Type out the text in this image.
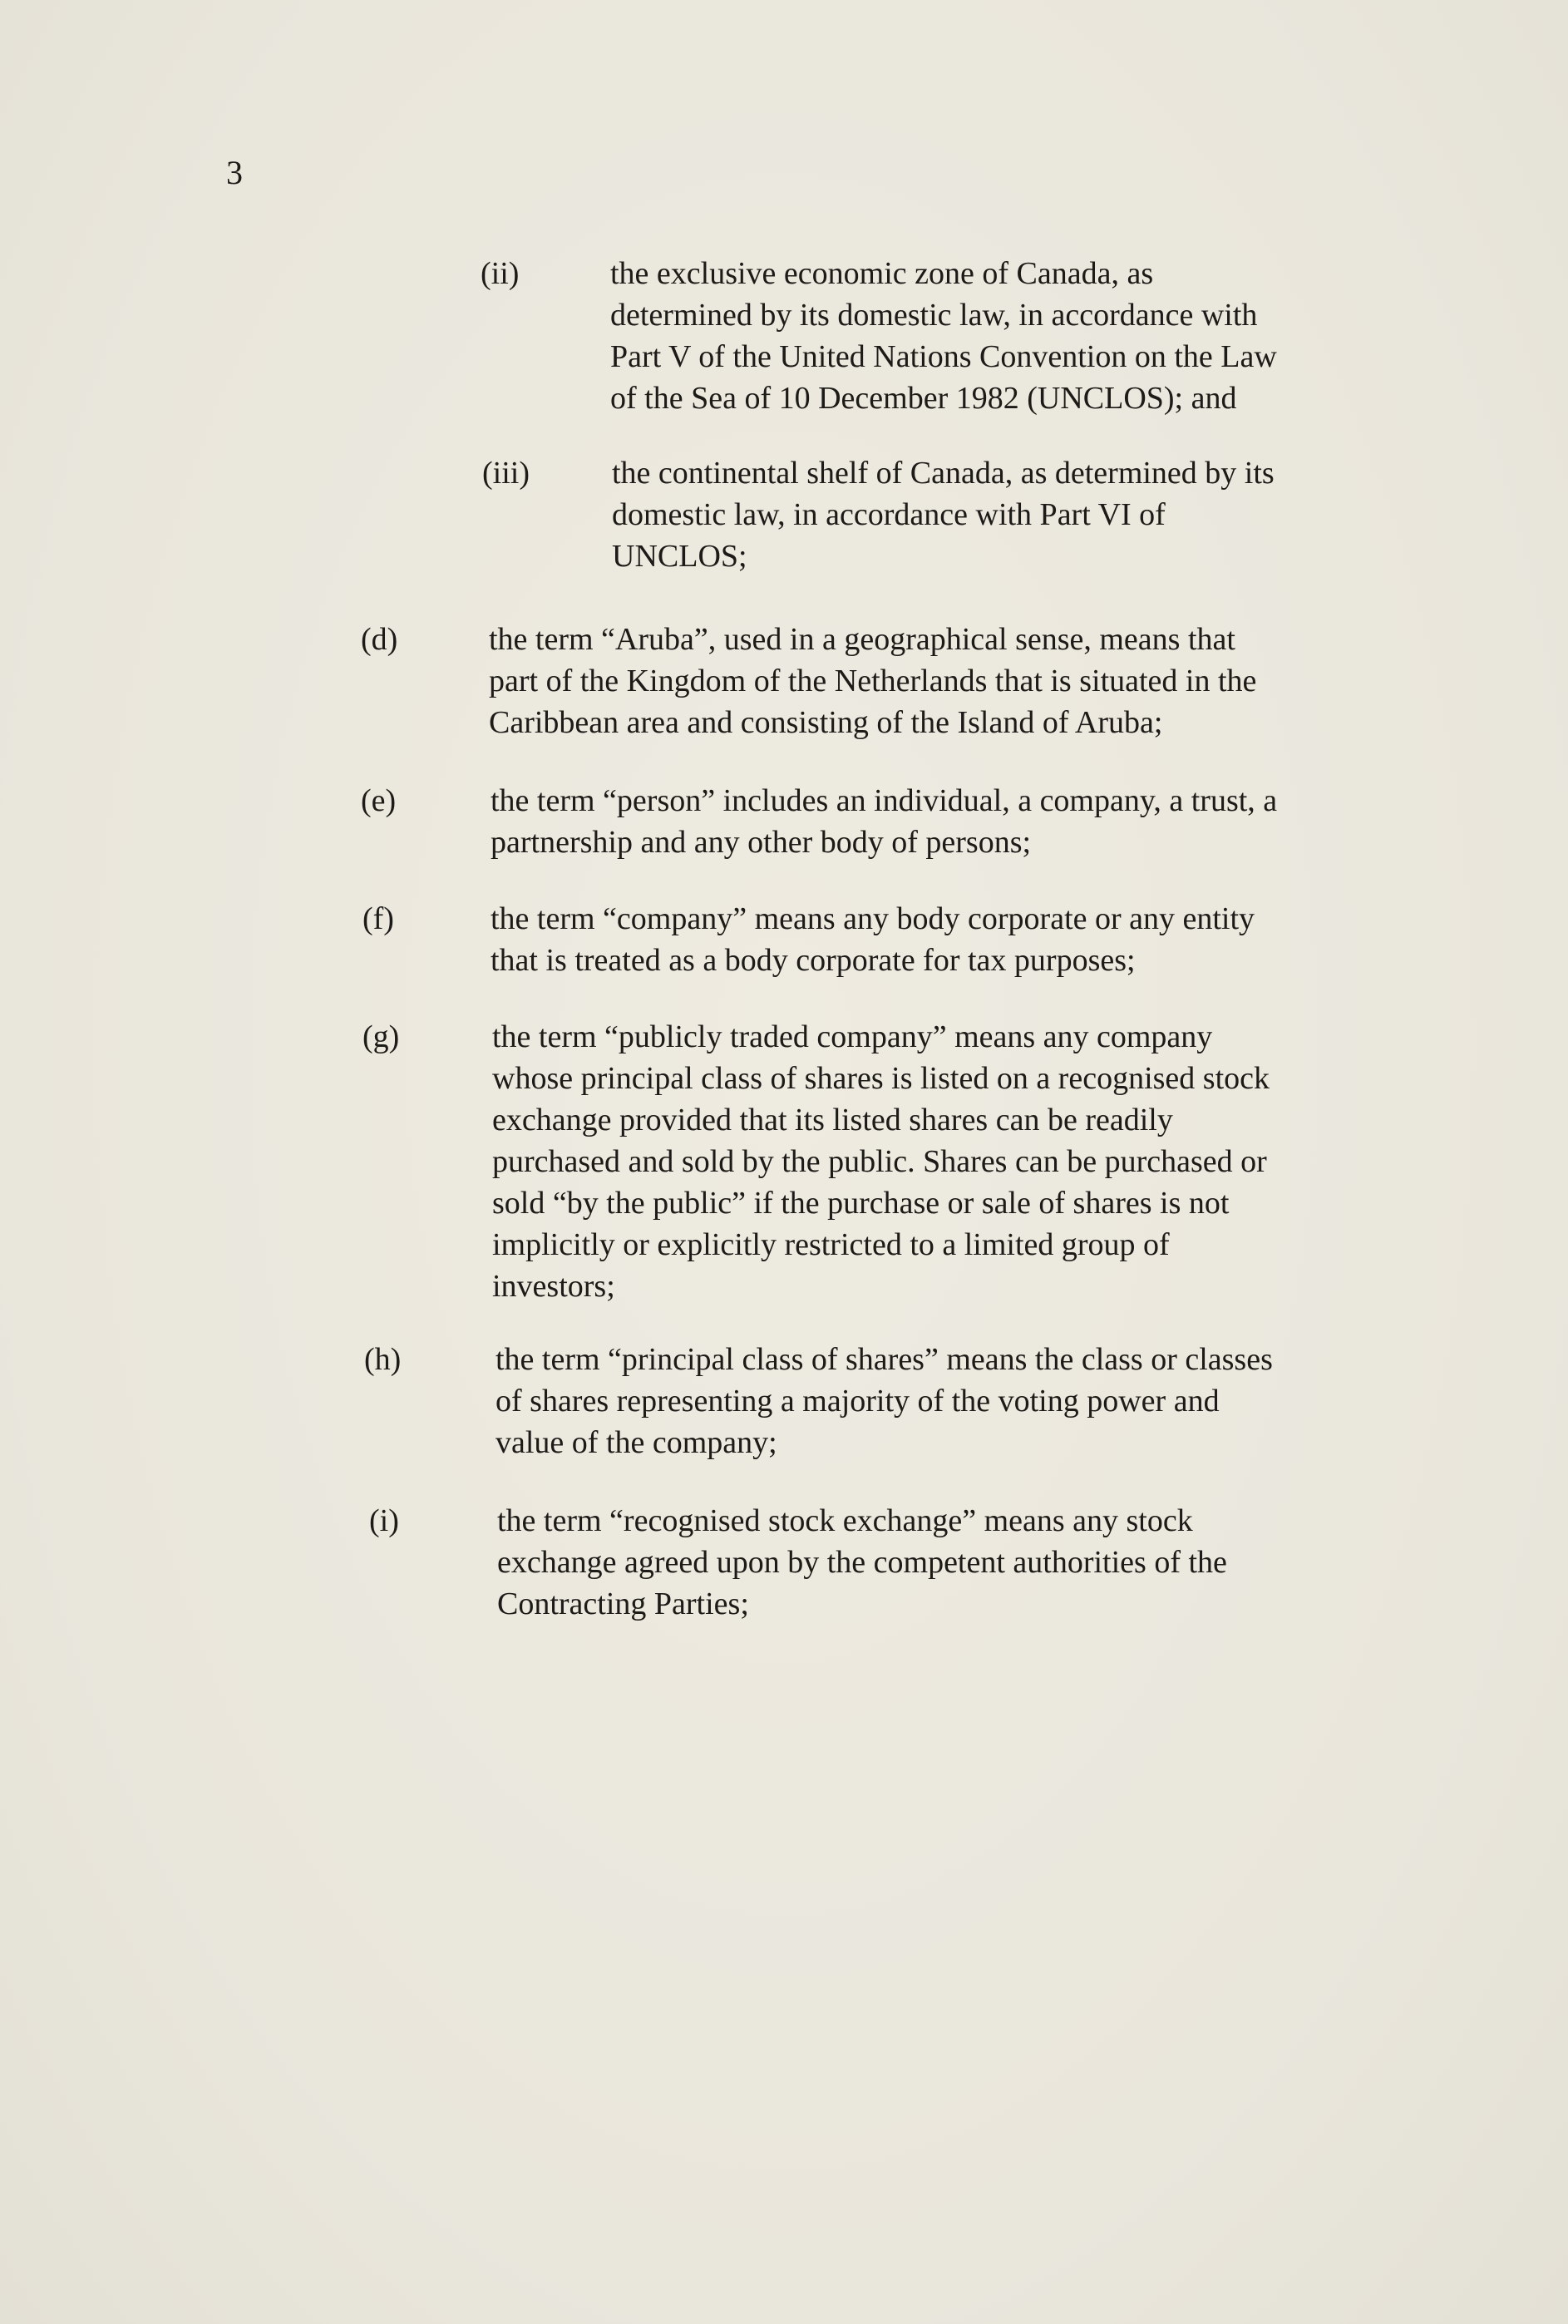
3
(ii)	the exclusive economic zone of Canada, as
determined by its domestic law, in accordance with
Part V of the United Nations Convention on the Law
of the Sea of 10 December 1982 (UNCLOS); and
(iii)	the continental shelf of Canada, as determined by its
domestic law, in accordance with Part VI of
UNCLOS;
(d)	the term “Aruba”, used in a geographical sense, means that
part of the Kingdom of the Netherlands that is situated in the
Caribbean area and consisting of the Island of Aruba;
(e)	the term “person” includes an individual, a company, a trust, a
partnership and any other body of persons;
(f)	the term “company” means any body corporate or any entity
that is treated as a body corporate for tax purposes;
(g)	the term “publicly traded company” means any company
whose principal class of shares is listed on a recognised stock
exchange provided that its listed shares can be readily
purchased and sold by the public. Shares can be purchased or
sold “by the public” if the purchase or sale of shares is not
implicitly or explicitly restricted to a limited group of
investors;
(h)	the term “principal class of shares” means the class or classes
of shares representing a majority of the voting power and
value of the company;
(i)	the term “recognised stock exchange” means any stock
exchange agreed upon by the competent authorities of the
Contracting Parties;
